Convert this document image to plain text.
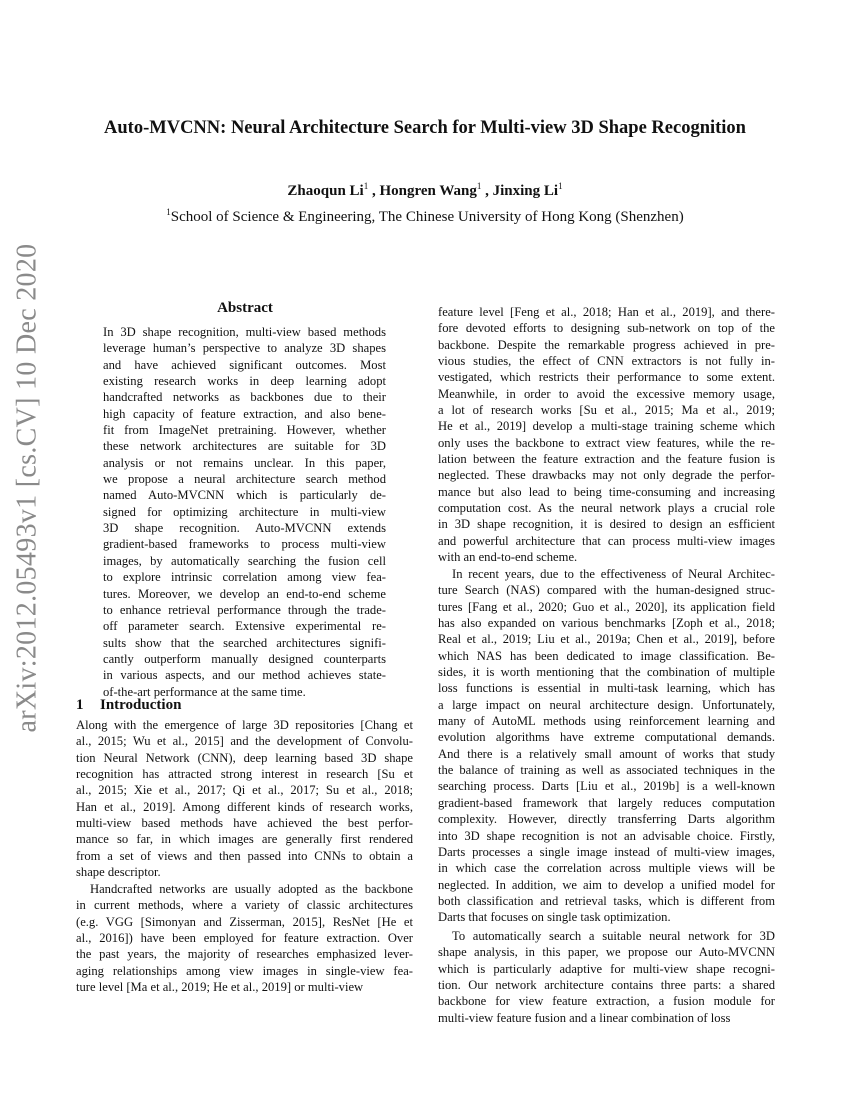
arXiv:2012.05493v1 [cs.CV] 10 Dec 2020
Auto-MVCNN: Neural Architecture Search for Multi-view 3D Shape Recognition
Zhaoqun Li$^1$ , Hongren Wang$^1$ , Jinxing Li$^1$
$^1$School of Science & Engineering, The Chinese University of Hong Kong (Shenzhen)
Abstract
In 3D shape recognition, multi-view based methods
leverage human’s perspective to analyze 3D shapes
and have achieved significant outcomes. Most
existing research works in deep learning adopt
handcrafted networks as backbones due to their
high capacity of feature extraction, and also bene-
fit from ImageNet pretraining. However, whether
these network architectures are suitable for 3D
analysis or not remains unclear. In this paper,
we propose a neural architecture search method
named Auto-MVCNN which is particularly de-
signed for optimizing architecture in multi-view
3D shape recognition. Auto-MVCNN extends
gradient-based frameworks to process multi-view
images, by automatically searching the fusion cell
to explore intrinsic correlation among view fea-
tures. Moreover, we develop an end-to-end scheme
to enhance retrieval performance through the trade-
off parameter search. Extensive experimental re-
sults show that the searched architectures signifi-
cantly outperform manually designed counterparts
in various aspects, and our method achieves state-
of-the-art performance at the same time.
1 Introduction
Along with the emergence of large 3D repositories [Chang et
al., 2015; Wu et al., 2015] and the development of Convolu-
tion Neural Network (CNN), deep learning based 3D shape
recognition has attracted strong interest in research [Su et
al., 2015; Xie et al., 2017; Qi et al., 2017; Su et al., 2018;
Han et al., 2019]. Among different kinds of research works,
multi-view based methods have achieved the best perfor-
mance so far, in which images are generally first rendered
from a set of views and then passed into CNNs to obtain a
shape descriptor.
Handcrafted networks are usually adopted as the backbone
in current methods, where a variety of classic architectures
(e.g. VGG [Simonyan and Zisserman, 2015], ResNet [He et
al., 2016]) have been employed for feature extraction. Over
the past years, the majority of researches emphasized lever-
aging relationships among view images in single-view fea-
ture level [Ma et al., 2019; He et al., 2019] or multi-view
feature level [Feng et al., 2018; Han et al., 2019], and there-
fore devoted efforts to designing sub-network on top of the
backbone. Despite the remarkable progress achieved in pre-
vious studies, the effect of CNN extractors is not fully in-
vestigated, which restricts their performance to some extent.
Meanwhile, in order to avoid the excessive memory usage,
a lot of research works [Su et al., 2015; Ma et al., 2019;
He et al., 2019] develop a multi-stage training scheme which
only uses the backbone to extract view features, while the re-
lation between the feature extraction and the feature fusion is
neglected. These drawbacks may not only degrade the perfor-
mance but also lead to being time-consuming and increasing
computation cost. As the neural network plays a crucial role
in 3D shape recognition, it is desired to design an esfficient
and powerful architecture that can process multi-view images
with an end-to-end scheme.
In recent years, due to the effectiveness of Neural Architec-
ture Search (NAS) compared with the human-designed struc-
tures [Fang et al., 2020; Guo et al., 2020], its application field
has also expanded on various benchmarks [Zoph et al., 2018;
Real et al., 2019; Liu et al., 2019a; Chen et al., 2019], before
which NAS has been dedicated to image classification. Be-
sides, it is worth mentioning that the combination of multiple
loss functions is essential in multi-task learning, which has
a large impact on neural architecture design. Unfortunately,
many of AutoML methods using reinforcement learning and
evolution algorithms have extreme computational demands.
And there is a relatively small amount of works that study
the balance of training as well as associated techniques in the
searching process. Darts [Liu et al., 2019b] is a well-known
gradient-based framework that largely reduces computation
complexity. However, directly transferring Darts algorithm
into 3D shape recognition is not an advisable choice. Firstly,
Darts processes a single image instead of multi-view images,
in which case the correlation across multiple views will be
neglected. In addition, we aim to develop a unified model for
both classification and retrieval tasks, which is different from
Darts that focuses on single task optimization.
To automatically search a suitable neural network for 3D
shape analysis, in this paper, we propose our Auto-MVCNN
which is particularly adaptive for multi-view shape recogni-
tion. Our network architecture contains three parts: a shared
backbone for view feature extraction, a fusion module for
multi-view feature fusion and a linear combination of loss
